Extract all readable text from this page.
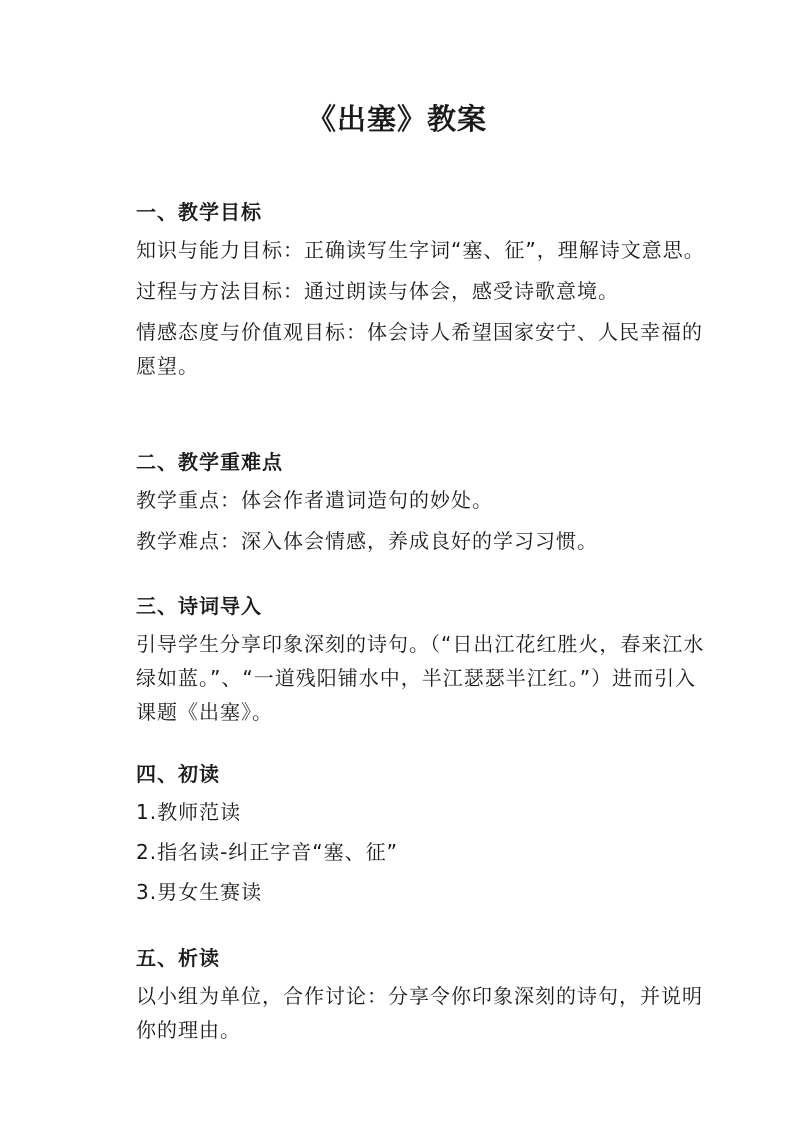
《出塞》教案
一、教学目标
知识与能力目标：正确读写生字词“塞、征”，理解诗文意思。
过程与方法目标：通过朗读与体会，感受诗歌意境。
情感态度与价值观目标：体会诗人希望国家安宁、人民幸福的愿望。
二、教学重难点
教学重点：体会作者遣词造句的妙处。
教学难点：深入体会情感，养成良好的学习习惯。
三、诗词导入
引导学生分享印象深刻的诗句。（“日出江花红胜火，春来江水绿如蓝。”、“一道残阳铺水中，半江瑟瑟半江红。”）进而引入课题《出塞》。
四、初读
1.教师范读
2.指名读-纠正字音“塞、征”
3.男女生赛读
五、析读
以小组为单位，合作讨论：分享令你印象深刻的诗句，并说明你的理由。
